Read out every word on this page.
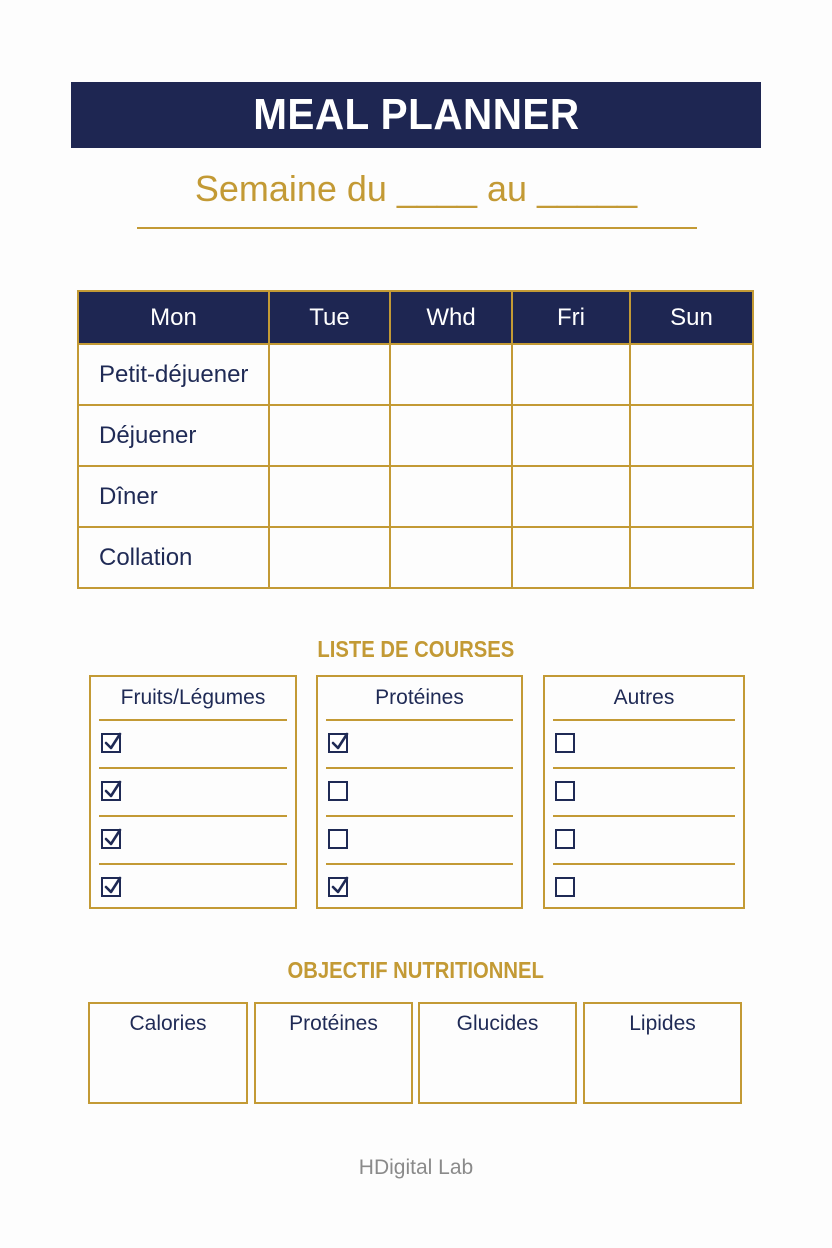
MEAL PLANNER
Semaine du ____ au _____
Mon	Tue	Whd	Fri	Sun
Petit-déjuener				
Déjuener				
Dîner				
Collation				
LISTE DE COURSES
Fruits/Légumes	Protéines	Autres
OBJECTIF NUTRITIONNEL
Calories	Protéines	Glucides	Lipides
HDigital Lab
